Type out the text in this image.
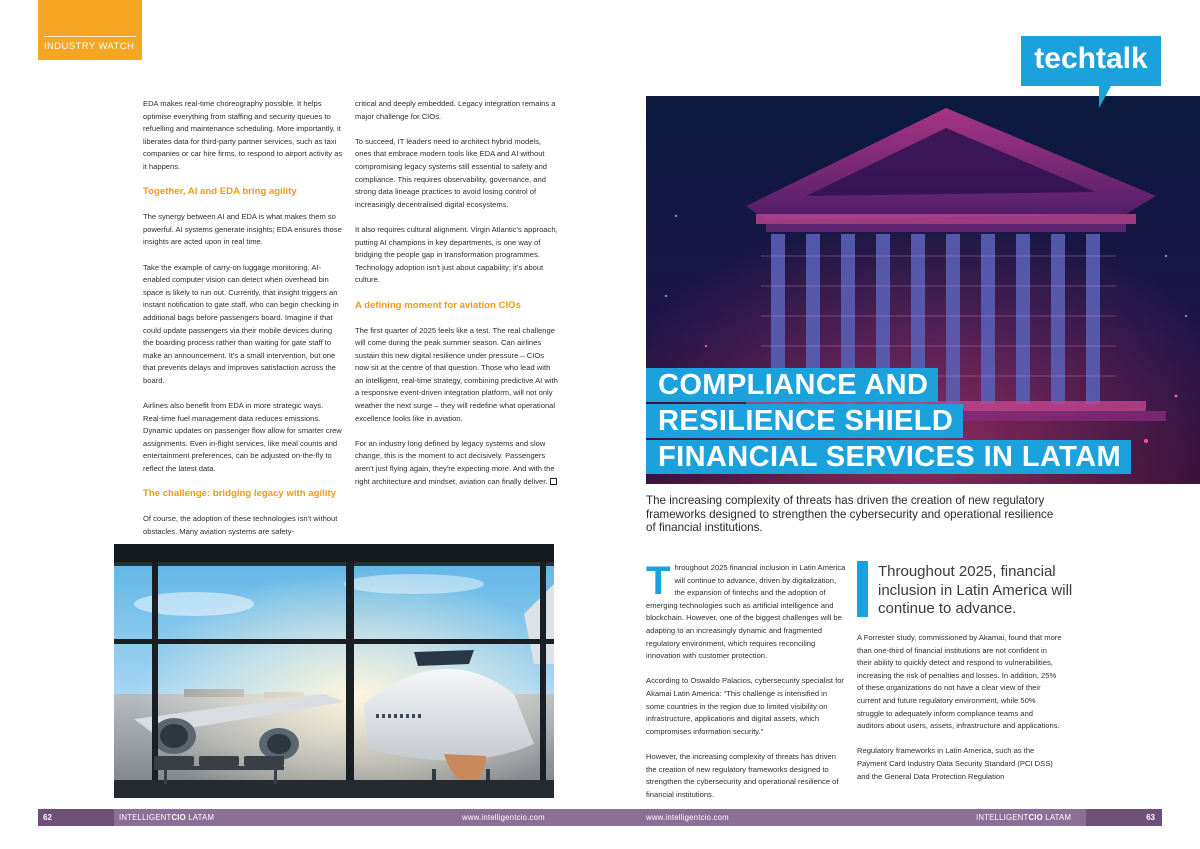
INDUSTRY WATCH

EDA makes real-time choreography possible. It helps optimise everything from staffing and security queues to refuelling and maintenance scheduling. More importantly, it liberates data for third-party partner services, such as taxi companies or car hire firms, to respond to airport activity as it happens.

Together, AI and EDA bring agility

The synergy between AI and EDA is what makes them so powerful. AI systems generate insights; EDA ensures those insights are acted upon in real time.

Take the example of carry-on luggage monitoring. AI-enabled computer vision can detect when overhead bin space is likely to run out. Currently, that insight triggers an instant notification to gate staff, who can begin checking in additional bags before passengers board. Imagine if that could update passengers via their mobile devices during the boarding process rather than waiting for gate staff to make an announcement. It's a small intervention, but one that prevents delays and improves satisfaction across the board.

Airlines also benefit from EDA in more strategic ways. Real-time fuel management data reduces emissions. Dynamic updates on passenger flow allow for smarter crew assignments. Even in-flight services, like meal counts and entertainment preferences, can be adjusted on-the-fly to reflect the latest data.

The challenge: bridging legacy with agility

Of course, the adoption of these technologies isn't without obstacles. Many aviation systems are safety-

critical and deeply embedded. Legacy integration remains a major challenge for CIOs.

To succeed, IT leaders need to architect hybrid models, ones that embrace modern tools like EDA and AI without compromising legacy systems still essential to safety and compliance. This requires observability, governance, and strong data lineage practices to avoid losing control of increasingly decentralised digital ecosystems.

It also requires cultural alignment. Virgin Atlantic's approach, putting AI champions in key departments, is one way of bridging the people gap in transformation programmes. Technology adoption isn't just about capability; it's about culture.

A defining moment for aviation CIOs

The first quarter of 2025 feels like a test. The real challenge will come during the peak summer season. Can airlines sustain this new digital resilience under pressure – CIOs now sit at the centre of that question. Those who lead with an intelligent, real-time strategy, combining predictive AI with a responsive event-driven integration platform, will not only weather the next surge – they will redefine what operational excellence looks like in aviation.

For an industry long defined by legacy systems and slow change, this is the moment to act decisively. Passengers aren't just flying again, they're expecting more. And with the right architecture and mindset, aviation can finally deliver.

techtalk
COMPLIANCE AND
RESILIENCE SHIELD
FINANCIAL SERVICES IN LATAM
The increasing complexity of threats has driven the creation of new regulatory frameworks designed to strengthen the cybersecurity and operational resilience of financial institutions.

Throughout 2025 financial inclusion in Latin America will continue to advance, driven by digitalization, the expansion of fintechs and the adoption of emerging technologies such as artificial intelligence and blockchain. However, one of the biggest challenges will be adapting to an increasingly dynamic and fragmented regulatory environment, which requires reconciling innovation with customer protection.

According to Oswaldo Palacios, cybersecurity specialist for Akamai Latin America: “This challenge is intensified in some countries in the region due to limited visibility on infrastructure, applications and digital assets, which compromises information security.”

However, the increasing complexity of threats has driven the creation of new regulatory frameworks designed to strengthen the cybersecurity and operational resilience of financial institutions.

Throughout 2025, financial inclusion in Latin America will continue to advance.

A Forrester study, commissioned by Akamai, found that more than one-third of financial institutions are not confident in their ability to quickly detect and respond to vulnerabilities, increasing the risk of penalties and losses. In addition, 25% of these organizations do not have a clear view of their current and future regulatory environment, while 50% struggle to adequately inform compliance teams and auditors about users, assets, infrastructure and applications.

Regulatory frameworks in Latin America, such as the Payment Card Industry Data Security Standard (PCI DSS) and the General Data Protection Regulation

62	INTELLIGENTCIO LATAM	www.intelligentcio.com	www.intelligentcio.com	INTELLIGENTCIO LATAM	63
